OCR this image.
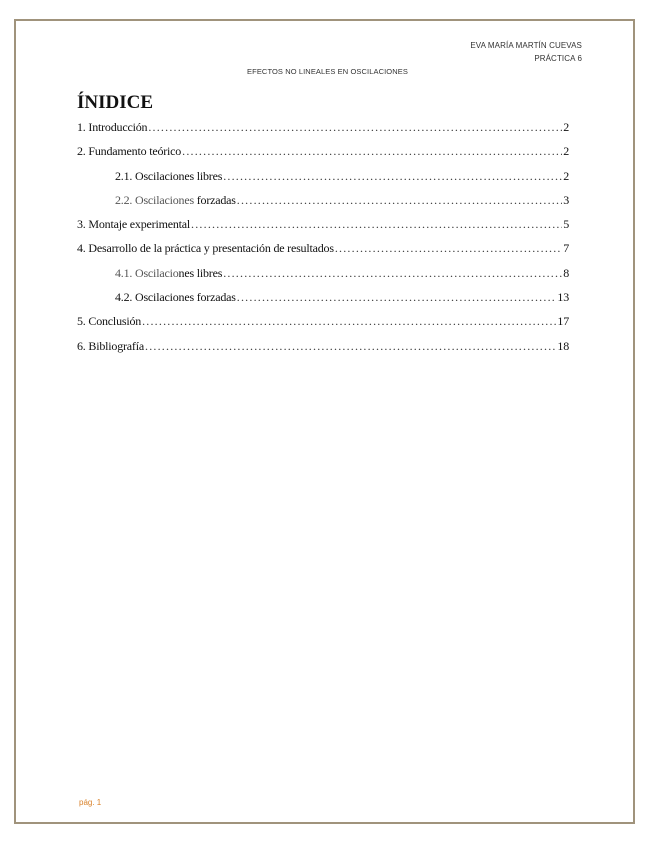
EVA MARÍA MARTÍN CUEVAS
PRÁCTICA 6
EFECTOS NO LINEALES EN OSCILACIONES
ÍNIDICE
1. Introducción .....	2
2. Fundamento teórico .....	2
2.1. Oscilaciones libres .....	2
2.2. Oscilaciones forzadas .....	3
3. Montaje experimental .....	5
4. Desarrollo de la práctica y presentación de resultados .....	7
4.1. Oscilaciones libres .....	8
4.2. Oscilaciones forzadas .....	13
5. Conclusión .....	17
6. Bibliografía .....	18
pág. 1
